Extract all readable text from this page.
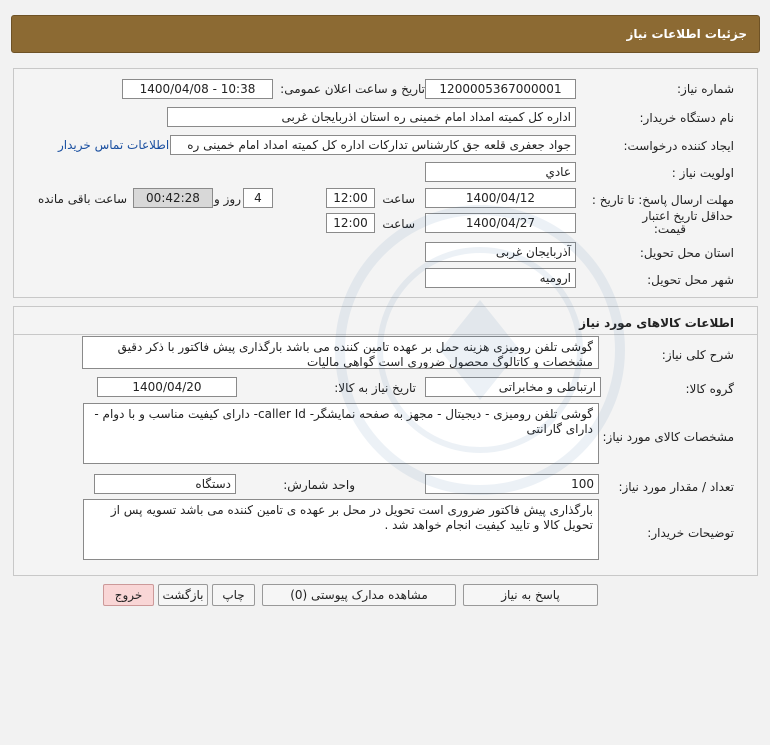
جزئیات اطلاعات نیاز
شماره نیاز:
1200005367000001
تاریخ و ساعت اعلان عمومی:
1400/04/08 - 10:38
نام دستگاه خریدار:
اداره کل کمیته امداد امام خمینی ره استان اذربایجان غربی
ایجاد کننده درخواست:
جواد جعفری قلعه جق کارشناس تدارکات اداره کل کمیته امداد امام خمینی ره
اطلاعات تماس خریدار
اولویت نیاز :
عادي
مهلت ارسال پاسخ: تا تاریخ :
1400/04/12
ساعت
12:00
4
روز و
00:42:28
ساعت باقی مانده
حداقل تاریخ اعتبار
قیمت:
1400/04/27
ساعت
12:00
استان محل تحویل:
آذربایجان غربی
شهر محل تحویل:
ارومیه
اطلاعات کالاهای مورد نیاز
شرح کلی نیاز:
گوشی تلفن رومیزی هزینه حمل بر عهده تامین کننده می باشد بارگذاری پیش فاکتور با ذکر دقیق مشخصات و کاتالوگ محصول ضروری است گواهی مالیات
گروه کالا:
ارتباطی و مخابراتی
تاریخ نیاز به کالا:
1400/04/20
مشخصات کالای مورد نیاز:
گوشی تلفن رومیزی - دیجیتال - مجهز به صفحه نمایشگر- caller Id- دارای کیفیت مناسب و با دوام - دارای گارانتی
تعداد / مقدار مورد نیاز:
100
واحد شمارش:
دستگاه
توضیحات خریدار:
بارگذاری پیش فاکتور ضروری است تحویل در محل بر عهده ی تامین کننده می باشد تسویه پس از تحویل کالا و تایید کیفیت انجام خواهد شد .
پاسخ به نیاز
مشاهده مدارک پیوستی (0)
چاپ
بازگشت
خروج
